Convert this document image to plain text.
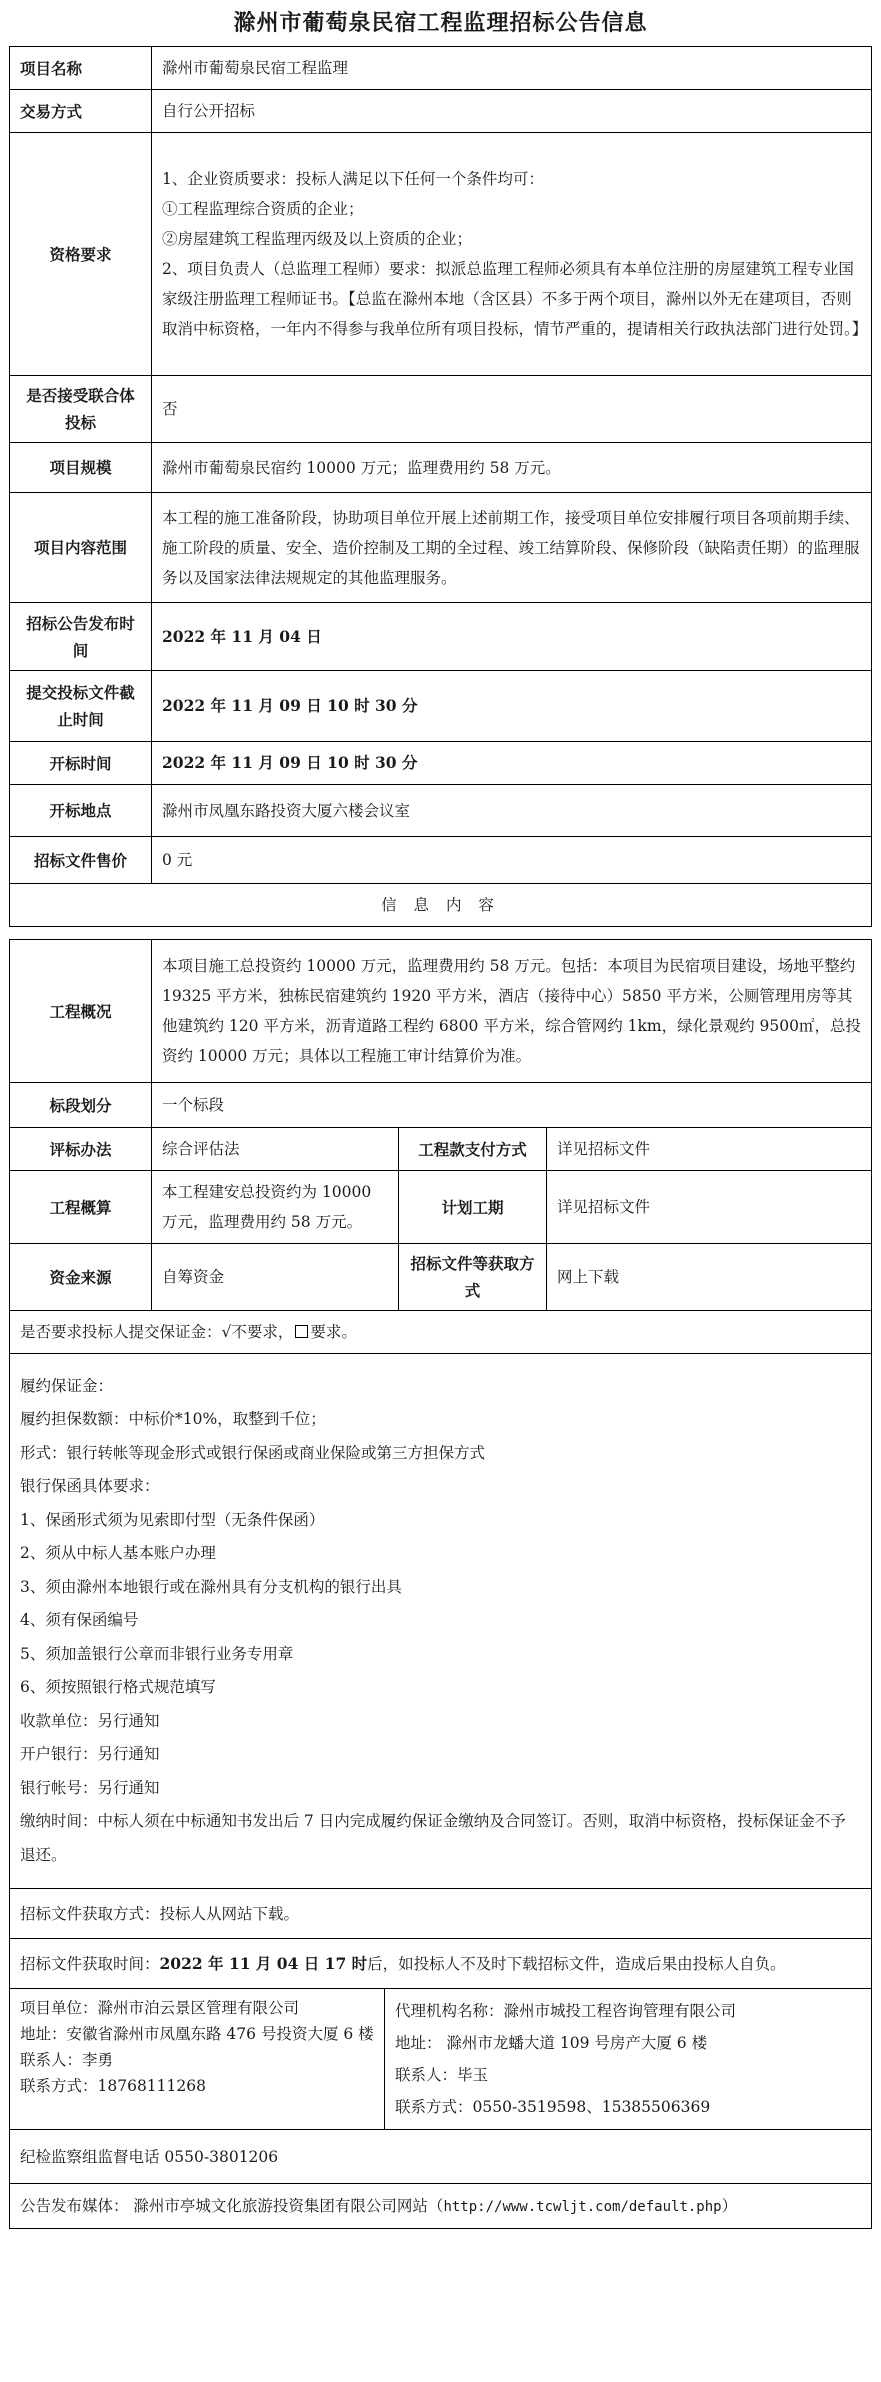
滁州市葡萄泉民宿工程监理招标公告信息
项目名称	滁州市葡萄泉民宿工程监理
交易方式	自行公开招标
资格要求	1、企业资质要求：投标人满足以下任何一个条件均可：

①工程监理综合资质的企业；

②房屋建筑工程监理丙级及以上资质的企业；

2、项目负责人（总监理工程师）要求：拟派总监理工程师必须具有本单位注册的房屋建筑工程专业国家级注册监理工程师证书。【总监在滁州本地（含区县）不多于两个项目，滁州以外无在建项目，否则取消中标资格，一年内不得参与我单位所有项目投标，情节严重的，提请相关行政执法部门进行处罚。】

是否接受联合体投标	否
项目规模	滁州市葡萄泉民宿约 10000 万元；监理费用约 58 万元。
项目内容范围	本工程的施工准备阶段，协助项目单位开展上述前期工作，接受项目单位安排履行项目各项前期手续、施工阶段的质量、安全、造价控制及工期的全过程、竣工结算阶段、保修阶段（缺陷责任期）的监理服务以及国家法律法规规定的其他监理服务。
招标公告发布时间	2022 年 11 月 04 日
提交投标文件截止时间	2022 年 11 月 09 日 10 时 30 分
开标时间	2022 年 11 月 09 日 10 时 30 分
开标地点	滁州市凤凰东路投资大厦六楼会议室
招标文件售价	0 元
信 息 内 容	
工程概况	本项目施工总投资约 10000 万元，监理费用约 58 万元。包括：本项目为民宿项目建设，场地平整约 19325 平方米，独栋民宿建筑约 1920 平方米，酒店（接待中心）5850 平方米，公厕管理用房等其他建筑约 120 平方米，沥青道路工程约 6800 平方米，综合管网约 1km，绿化景观约 9500㎡，总投资约 10000 万元；具体以工程施工审计结算价为准。		
标段划分	一个标段		
评标办法	综合评估法	工程款支付方式	详见招标文件
工程概算	本工程建安总投资约为 10000 万元，监理费用约 58 万元。	计划工期	详见招标文件
资金来源	自筹资金	招标文件等获取方式	网上下载
是否要求投标人提交保证金：√不要求， 要求。

履约保证金：

履约担保数额：中标价*10%，取整到千位；

形式：银行转帐等现金形式或银行保函或商业保险或第三方担保方式

银行保函具体要求：

1、保函形式须为见索即付型（无条件保函）

2、须从中标人基本账户办理

3、须由滁州本地银行或在滁州具有分支机构的银行出具

4、须有保函编号

5、须加盖银行公章而非银行业务专用章

6、须按照银行格式规范填写

收款单位：另行通知

开户银行：另行通知

银行帐号：另行通知

缴纳时间：中标人须在中标通知书发出后 7 日内完成履约保证金缴纳及合同签订。否则，取消中标资格，投标保证金不予退还。

招标文件获取方式：投标人从网站下载。
招标文件获取时间：2022 年 11 月 04 日 17 时后，如投标人不及时下载招标文件，造成后果由投标人自负。

项目单位：滁州市泊云景区管理有限公司

地址：安徽省滁州市凤凰东路 476 号投资大厦 6 楼

联系人：李勇

联系方式：18768111268

代理机构名称：滁州市城投工程咨询管理有限公司

地址： 滁州市龙蟠大道 109 号房产大厦 6 楼

联系人：毕玉

联系方式：0550-3519598、15385506369

纪检监察组监督电话 0550-3801206
公告发布媒体： 滁州市亭城文化旅游投资集团有限公司网站（http://www.tcwljt.com/default.php）
